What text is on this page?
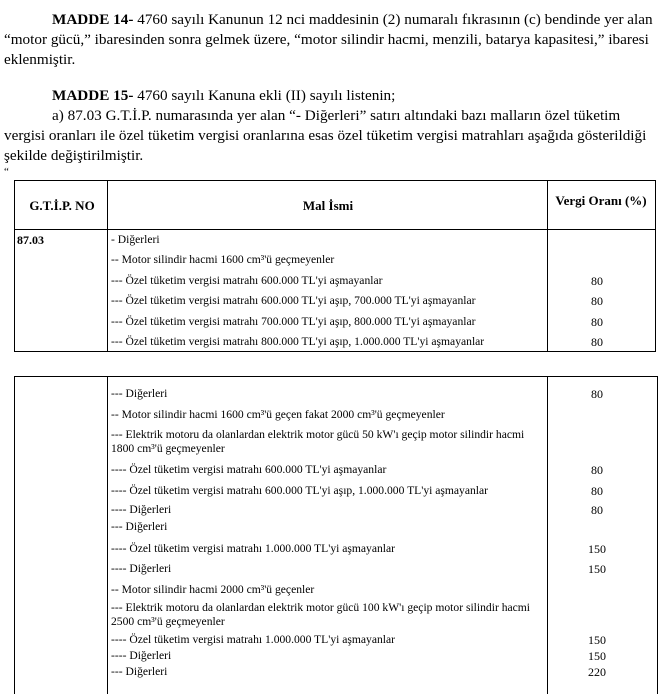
MADDE 14- 4760 sayılı Kanunun 12 nci maddesinin (2) numaralı fıkrasının (c) bendinde yer alan “motor gücü,” ibaresinden sonra gelmek üzere, “motor silindir hacmi, menzili, batarya kapasitesi,” ibaresi eklenmiştir.

MADDE 15- 4760 sayılı Kanuna ekli (II) sayılı listenin;

a) 87.03 G.T.İ.P. numarasında yer alan “- Diğerleri” satırı altındaki bazı malların özel tüketim vergisi oranları ile özel tüketim vergisi oranlarına esas özel tüketim vergisi matrahları aşağıda gösterildiği şekilde değiştirilmiştir.

“
G.T.İ.P. NO	Mal İsmi	Vergi Oranı (%)
87.03	- Diğerleri
-- Motor silindir hacmi 1600 cm³'ü geçmeyenler
--- Özel tüketim vergisi matrahı 600.000 TL'yi aşmayanlar	80
--- Özel tüketim vergisi matrahı 600.000 TL'yi aşıp, 700.000 TL'yi aşmayanlar	80
--- Özel tüketim vergisi matrahı 700.000 TL'yi aşıp, 800.000 TL'yi aşmayanlar	80
--- Özel tüketim vergisi matrahı 800.000 TL'yi aşıp, 1.000.000 TL'yi aşmayanlar	80
--- Diğerleri	80
-- Motor silindir hacmi 1600 cm³'ü geçen fakat 2000 cm³'ü geçmeyenler
--- Elektrik motoru da olanlardan elektrik motor gücü 50 kW'ı geçip motor silindir hacmi 1800 cm³'ü geçmeyenler
---- Özel tüketim vergisi matrahı 600.000 TL'yi aşmayanlar	80
---- Özel tüketim vergisi matrahı 600.000 TL'yi aşıp, 1.000.000 TL'yi aşmayanlar	80
---- Diğerleri	80
--- Diğerleri
---- Özel tüketim vergisi matrahı 1.000.000 TL'yi aşmayanlar	150
---- Diğerleri	150
-- Motor silindir hacmi 2000 cm³'ü geçenler
--- Elektrik motoru da olanlardan elektrik motor gücü 100 kW'ı geçip motor silindir hacmi 2500 cm³'ü geçmeyenler
---- Özel tüketim vergisi matrahı 1.000.000 TL'yi aşmayanlar	150
---- Diğerleri	150
--- Diğerleri	220
